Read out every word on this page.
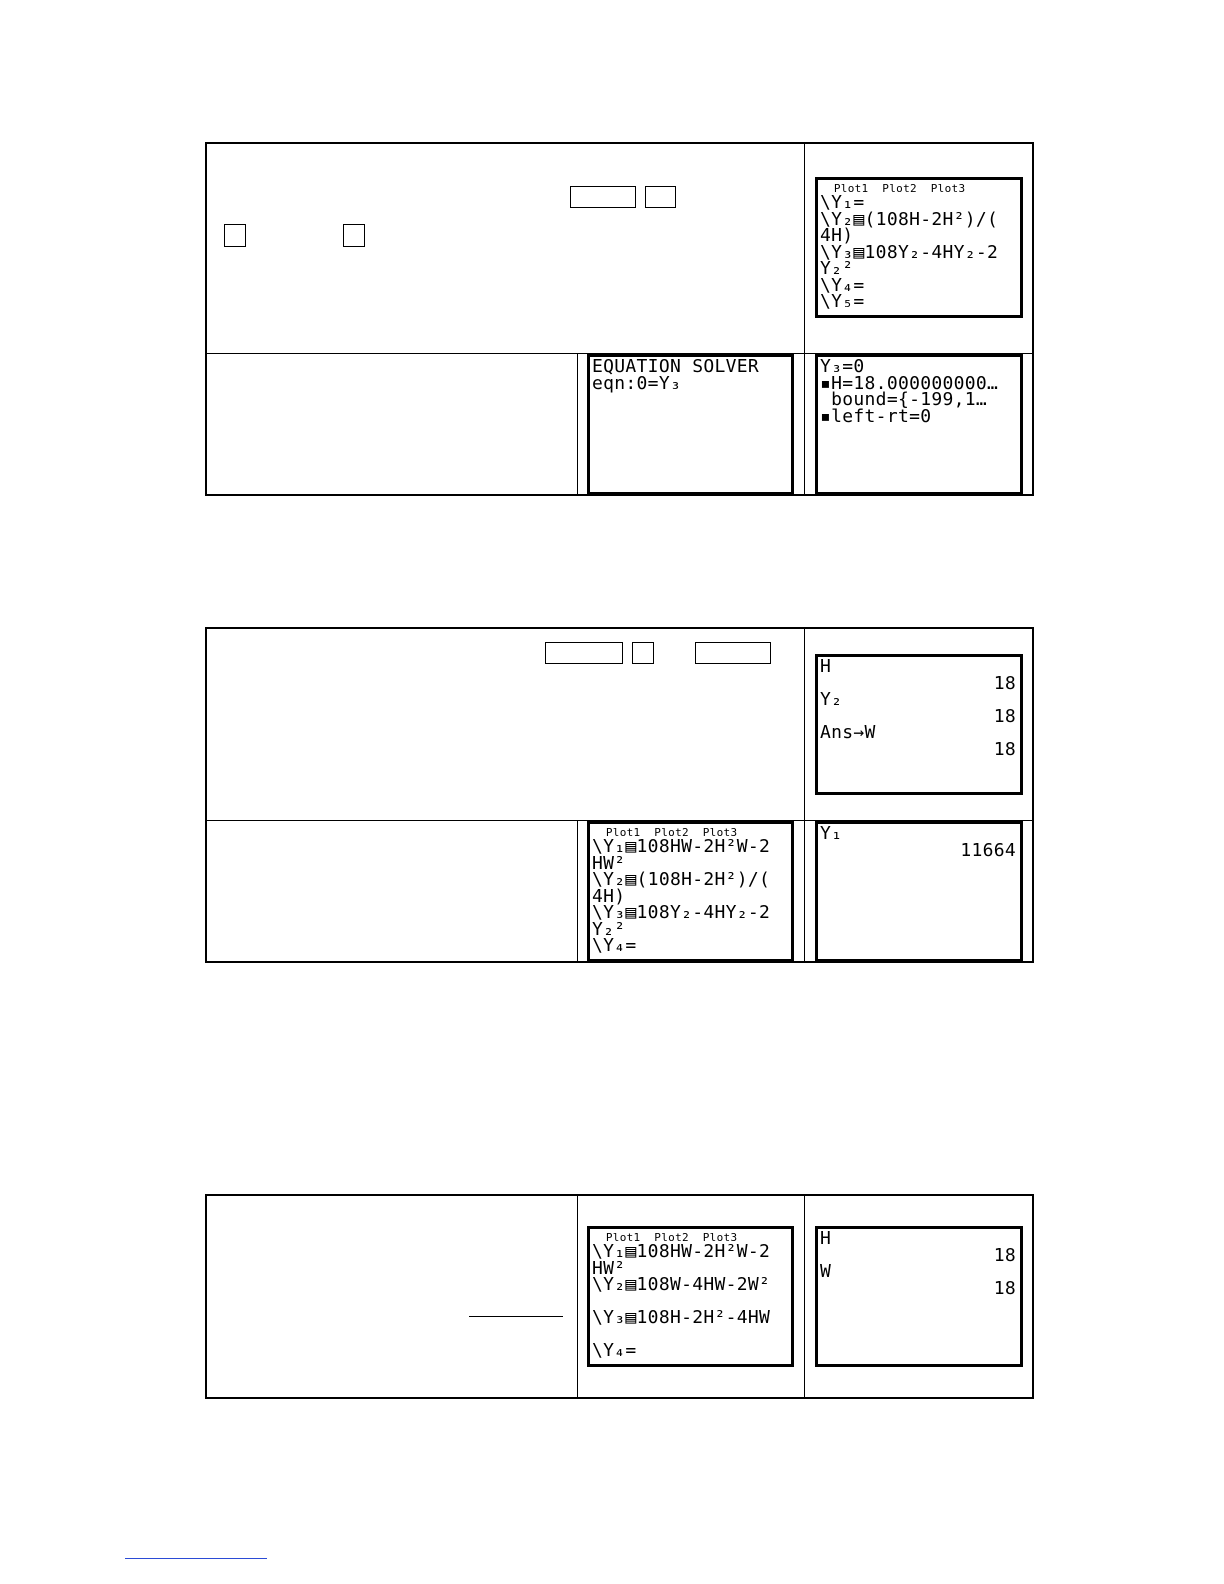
Plot1  Plot2  Plot3
\Y₁=
\Y₂▤(108H-2H²)/(
4H)
\Y₃▤108Y₂-4HY₂-2
Y₂²
\Y₄=
\Y₅=
EQUATION SOLVER
eqn:0=Y₃
Y₃=0
▪H=18.000000000…
bound={-1⁠99,1…
▪left-rt=0
H
18
Y₂
18
Ans→W
18
Plot1  Plot2  Plot3
\Y₁▤108HW-2H²W-2
HW²
\Y₂▤(108H-2H²)/(
4H)
\Y₃▤108Y₂-4HY₂-2
Y₂²
\Y₄=
Y₁
11664
Plot1  Plot2  Plot3
\Y₁▤108HW-2H²W-2
HW²
\Y₂▤108W-4HW-2W²
\Y₃▤108H-2H²-4HW
\Y₄=
H
18
W
18
